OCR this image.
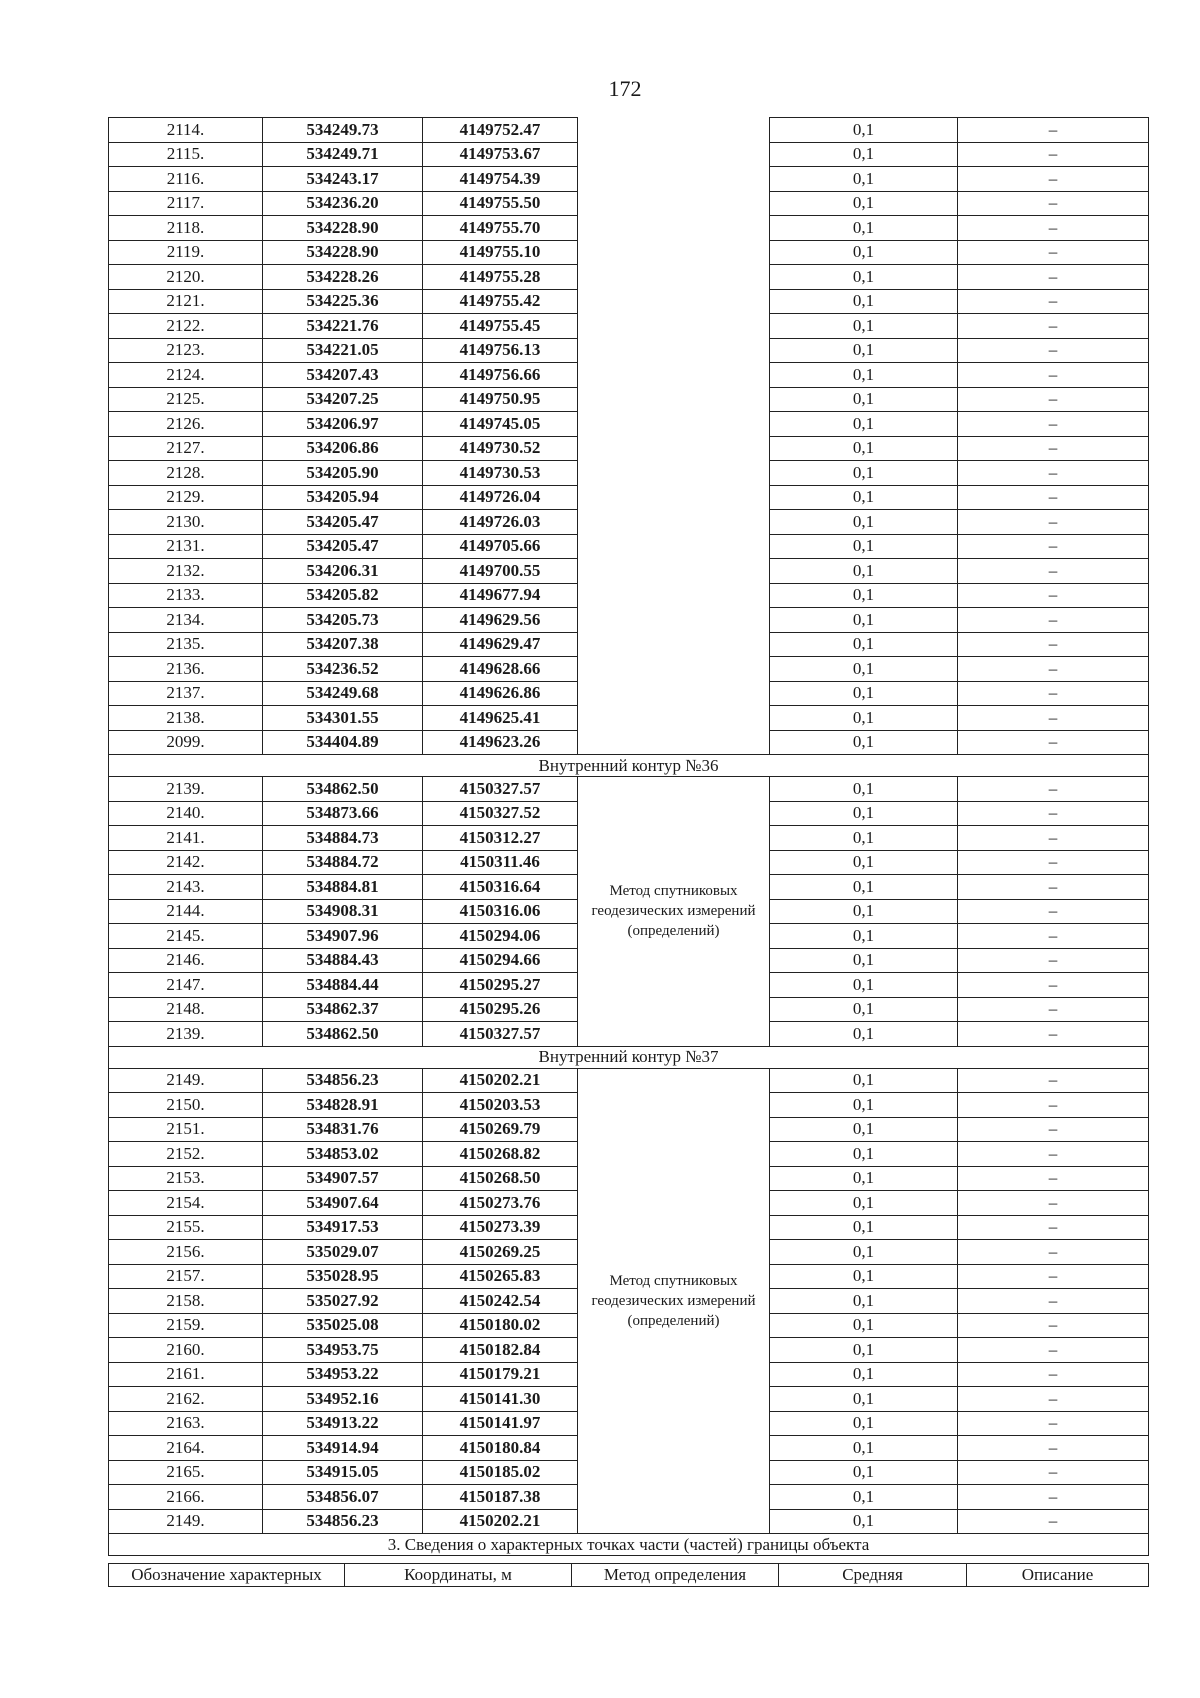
172
2114.	534249.73	4149752.47		0,1	–
2115.	534249.71	4149753.67		0,1	–
2116.	534243.17	4149754.39		0,1	–
2117.	534236.20	4149755.50		0,1	–
2118.	534228.90	4149755.70		0,1	–
2119.	534228.90	4149755.10		0,1	–
2120.	534228.26	4149755.28		0,1	–
2121.	534225.36	4149755.42		0,1	–
2122.	534221.76	4149755.45		0,1	–
2123.	534221.05	4149756.13		0,1	–
2124.	534207.43	4149756.66		0,1	–
2125.	534207.25	4149750.95		0,1	–
2126.	534206.97	4149745.05		0,1	–
2127.	534206.86	4149730.52		0,1	–
2128.	534205.90	4149730.53		0,1	–
2129.	534205.94	4149726.04		0,1	–
2130.	534205.47	4149726.03		0,1	–
2131.	534205.47	4149705.66		0,1	–
2132.	534206.31	4149700.55		0,1	–
2133.	534205.82	4149677.94		0,1	–
2134.	534205.73	4149629.56		0,1	–
2135.	534207.38	4149629.47		0,1	–
2136.	534236.52	4149628.66		0,1	–
2137.	534249.68	4149626.86		0,1	–
2138.	534301.55	4149625.41		0,1	–
2099.	534404.89	4149623.26		0,1	–
Внутренний контур №36					
2139.	534862.50	4150327.57	Метод спутниковых геодезических измерений (определений)	0,1	–
2140.	534873.66	4150327.52		0,1	–
2141.	534884.73	4150312.27		0,1	–
2142.	534884.72	4150311.46		0,1	–
2143.	534884.81	4150316.64		0,1	–
2144.	534908.31	4150316.06		0,1	–
2145.	534907.96	4150294.06		0,1	–
2146.	534884.43	4150294.66		0,1	–
2147.	534884.44	4150295.27		0,1	–
2148.	534862.37	4150295.26		0,1	–
2139.	534862.50	4150327.57		0,1	–
Внутренний контур №37					
2149.	534856.23	4150202.21	Метод спутниковых геодезических измерений (определений)	0,1	–
2150.	534828.91	4150203.53		0,1	–
2151.	534831.76	4150269.79		0,1	–
2152.	534853.02	4150268.82		0,1	–
2153.	534907.57	4150268.50		0,1	–
2154.	534907.64	4150273.76		0,1	–
2155.	534917.53	4150273.39		0,1	–
2156.	535029.07	4150269.25		0,1	–
2157.	535028.95	4150265.83		0,1	–
2158.	535027.92	4150242.54		0,1	–
2159.	535025.08	4150180.02		0,1	–
2160.	534953.75	4150182.84		0,1	–
2161.	534953.22	4150179.21		0,1	–
2162.	534952.16	4150141.30		0,1	–
2163.	534913.22	4150141.97		0,1	–
2164.	534914.94	4150180.84		0,1	–
2165.	534915.05	4150185.02		0,1	–
2166.	534856.07	4150187.38		0,1	–
2149.	534856.23	4150202.21		0,1	–
3. Сведения о характерных точках части (частей) границы объекта					
Обозначение характерных	Координаты, м	Метод определения	Средняя	Описание
